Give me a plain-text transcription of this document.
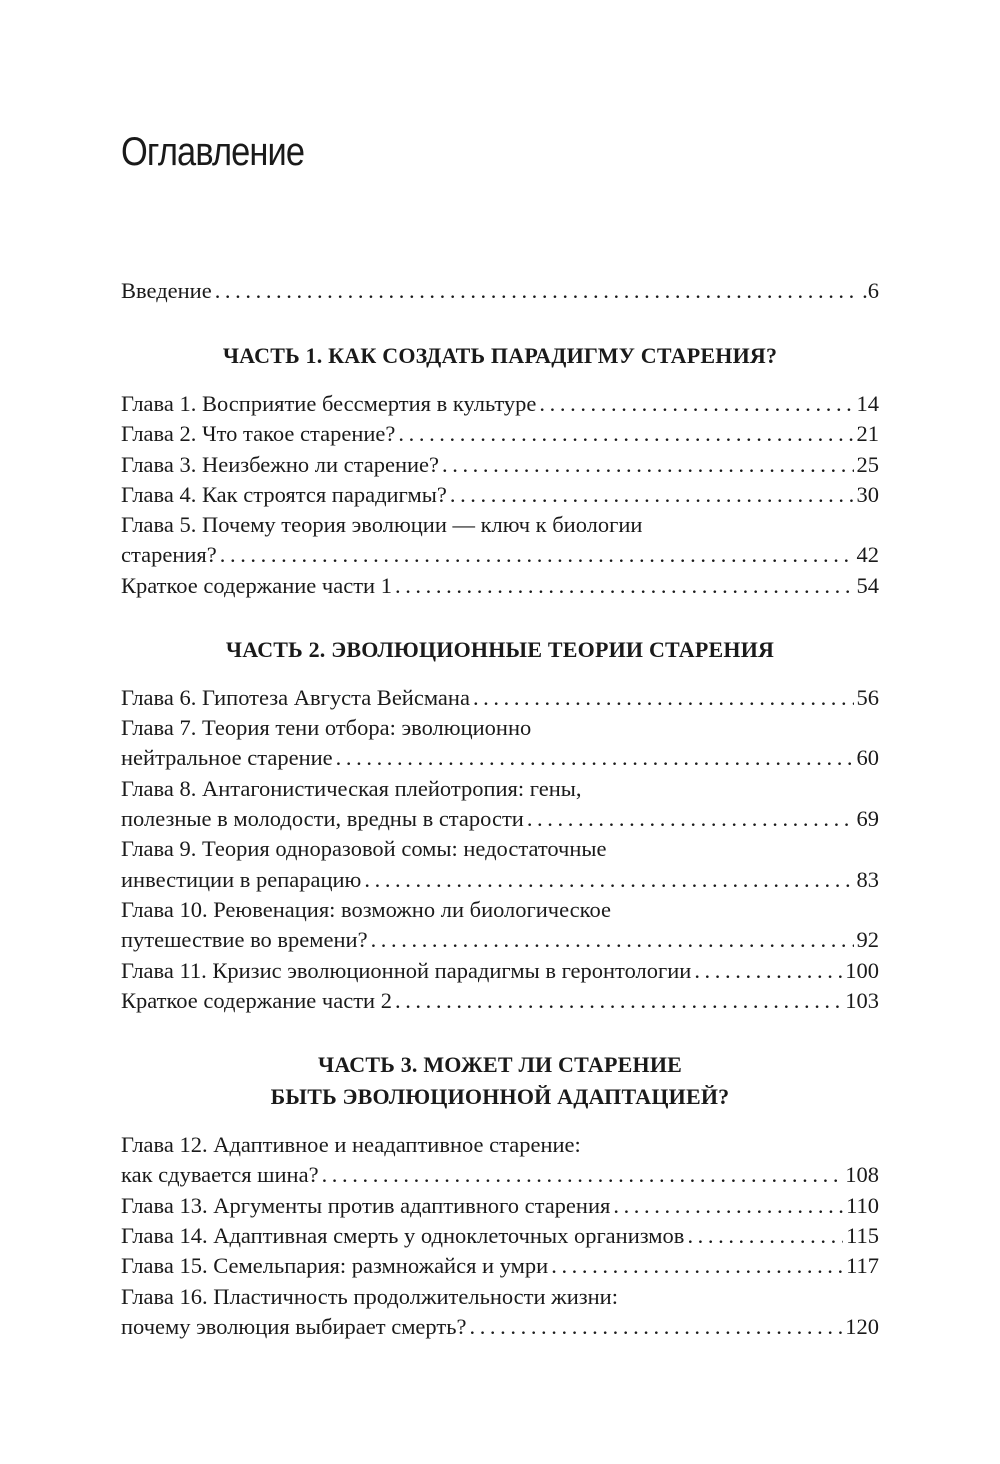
Оглавление
Введение .....	.6
ЧАСТЬ 1. КАК СОЗДАТЬ ПАРАДИГМУ СТАРЕНИЯ?
Глава 1. Восприятие бессмертия в культуре .....	14
Глава 2. Что такое старение? .....	21
Глава 3. Неизбежно ли старение? .....	25
Глава 4. Как строятся парадигмы? .....	30
Глава 5. Почему теория эволюции — ключ к биологии
старения? .....	42
Краткое содержание части 1 .....	54
ЧАСТЬ 2. ЭВОЛЮЦИОННЫЕ ТЕОРИИ СТАРЕНИЯ
Глава 6. Гипотеза Августа Вейсмана .....	56
Глава 7. Теория тени отбора: эволюционно
нейтральное старение .....	60
Глава 8. Антагонистическая плейотропия: гены,
полезные в молодости, вредны в старости .....	69
Глава 9. Теория одноразовой сомы: недостаточные
инвестиции в репарацию .....	83
Глава 10. Реювенация: возможно ли биологическое
путешествие во времени? .....	92
Глава 11. Кризис эволюционной парадигмы в геронтологии .....	100
Краткое содержание части 2 .....	103
ЧАСТЬ 3. МОЖЕТ ЛИ СТАРЕНИЕ
БЫТЬ ЭВОЛЮЦИОННОЙ АДАПТАЦИЕЙ?
Глава 12. Адаптивное и неадаптивное старение:
как сдувается шина? .....	108
Глава 13. Аргументы против адаптивного старения .....	110
Глава 14. Адаптивная смерть у одноклеточных организмов .....	115
Глава 15. Семельпария: размножайся и умри .....	117
Глава 16. Пластичность продолжительности жизни:
почему эволюция выбирает смерть? .....	120
